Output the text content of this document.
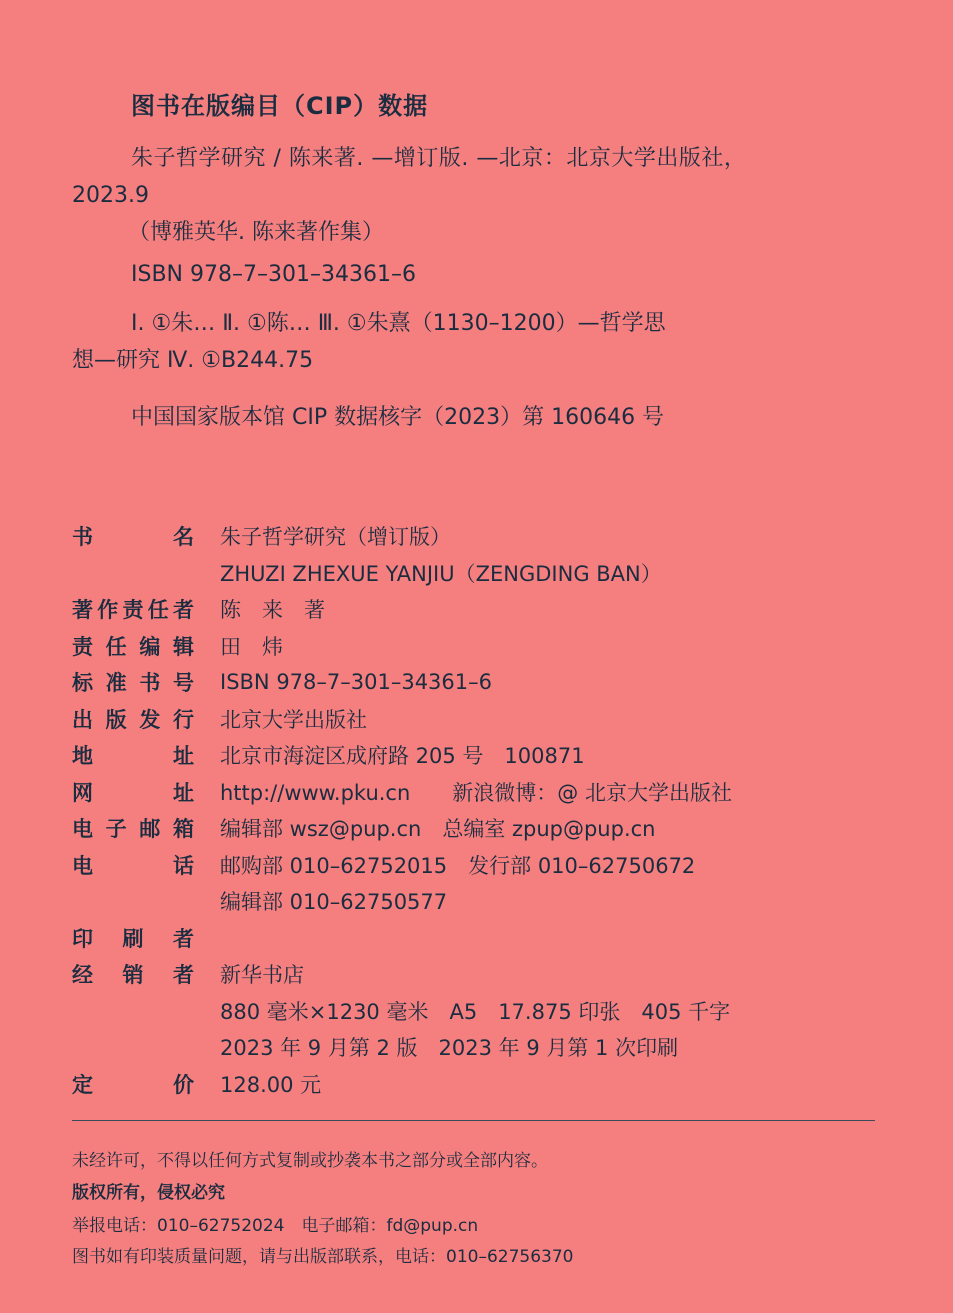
图书在版编目（CIP）数据
朱子哲学研究 / 陈来著. —增订版. —北京：北京大学出版社，
2023.9
（博雅英华. 陈来著作集）
ISBN 978–7–301–34361–6
Ⅰ. ①朱… Ⅱ. ①陈… Ⅲ. ①朱熹（1130–1200）—哲学思
想—研究 Ⅳ. ①B244.75
中国国家版本馆 CIP 数据核字（2023）第 160646 号
书 名 朱子哲学研究（增订版）
ZHUZI ZHEXUE YANJIU（ZENGDING BAN）
著作责任者 陈　来　著
责任编辑 田　炜
标准书号 ISBN 978–7–301–34361–6
出版发行 北京大学出版社
地 址 北京市海淀区成府路 205 号　100871
网 址 http://www.pku.cn　　新浪微博：@ 北京大学出版社
电子邮箱 编辑部 wsz@pup.cn　总编室 zpup@pup.cn
电 话 邮购部 010–62752015　发行部 010–62750672
编辑部 010–62750577
印 刷 者
经 销 者 新华书店
880 毫米×1230 毫米　A5　17.875 印张　405 千字
2023 年 9 月第 2 版　2023 年 9 月第 1 次印刷
定 价 128.00 元
未经许可，不得以任何方式复制或抄袭本书之部分或全部内容。
版权所有，侵权必究
举报电话：010–62752024　电子邮箱：fd@pup.cn
图书如有印装质量问题，请与出版部联系，电话：010–62756370
